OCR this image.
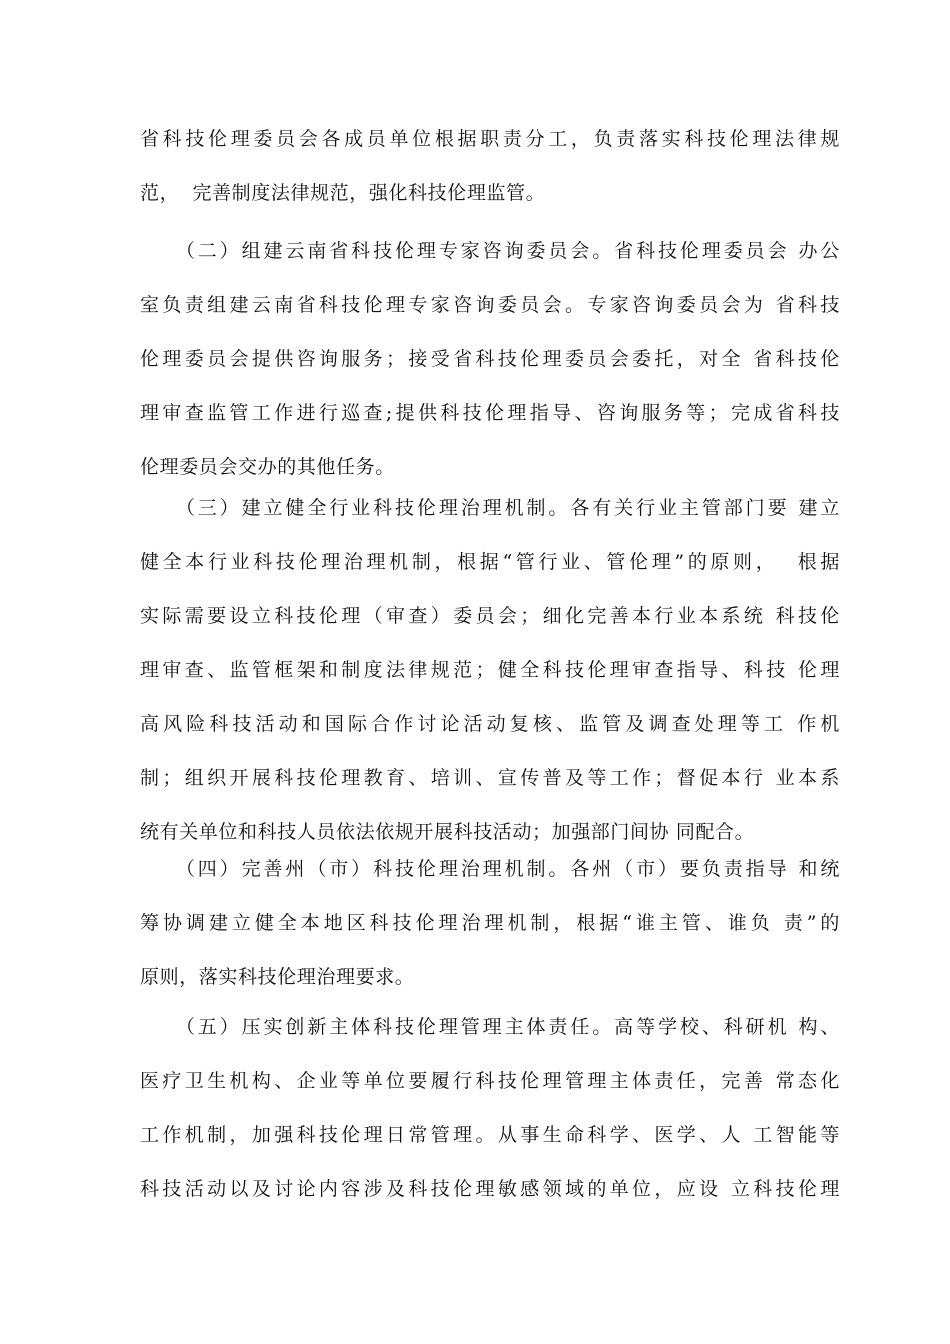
省科技伦理委员会各成员单位根据职责分工，负责落实科技伦理法律规
范，  完善制度法律规范，强化科技伦理监管。
（二）组建云南省科技伦理专家咨询委员会。省科技伦理委员会 办公
室负责组建云南省科技伦理专家咨询委员会。专家咨询委员会为 省科技
伦理委员会提供咨询服务；接受省科技伦理委员会委托，对全 省科技伦
理审查监管工作进行巡查;提供科技伦理指导、咨询服务等；完成省科技
伦理委员会交办的其他任务。
（三）建立健全行业科技伦理治理机制。各有关行业主管部门要 建立
健全本行业科技伦理治理机制，根据“管行业、管伦理”的原则，  根据
实际需要设立科技伦理（审查）委员会；细化完善本行业本系统 科技伦
理审查、监管框架和制度法律规范；健全科技伦理审查指导、科技 伦理
高风险科技活动和国际合作讨论活动复核、监管及调查处理等工 作机
制；组织开展科技伦理教育、培训、宣传普及等工作；督促本行 业本系
统有关单位和科技人员依法依规开展科技活动；加强部门间协 同配合。
（四）完善州（市）科技伦理治理机制。各州（市）要负责指导 和统
筹协调建立健全本地区科技伦理治理机制，根据“谁主管、谁负 责”的
原则，落实科技伦理治理要求。
（五）压实创新主体科技伦理管理主体责任。高等学校、科研机 构、
医疗卫生机构、企业等单位要履行科技伦理管理主体责任，完善 常态化
工作机制，加强科技伦理日常管理。从事生命科学、医学、人 工智能等
科技活动以及讨论内容涉及科技伦理敏感领域的单位，应设 立科技伦理
